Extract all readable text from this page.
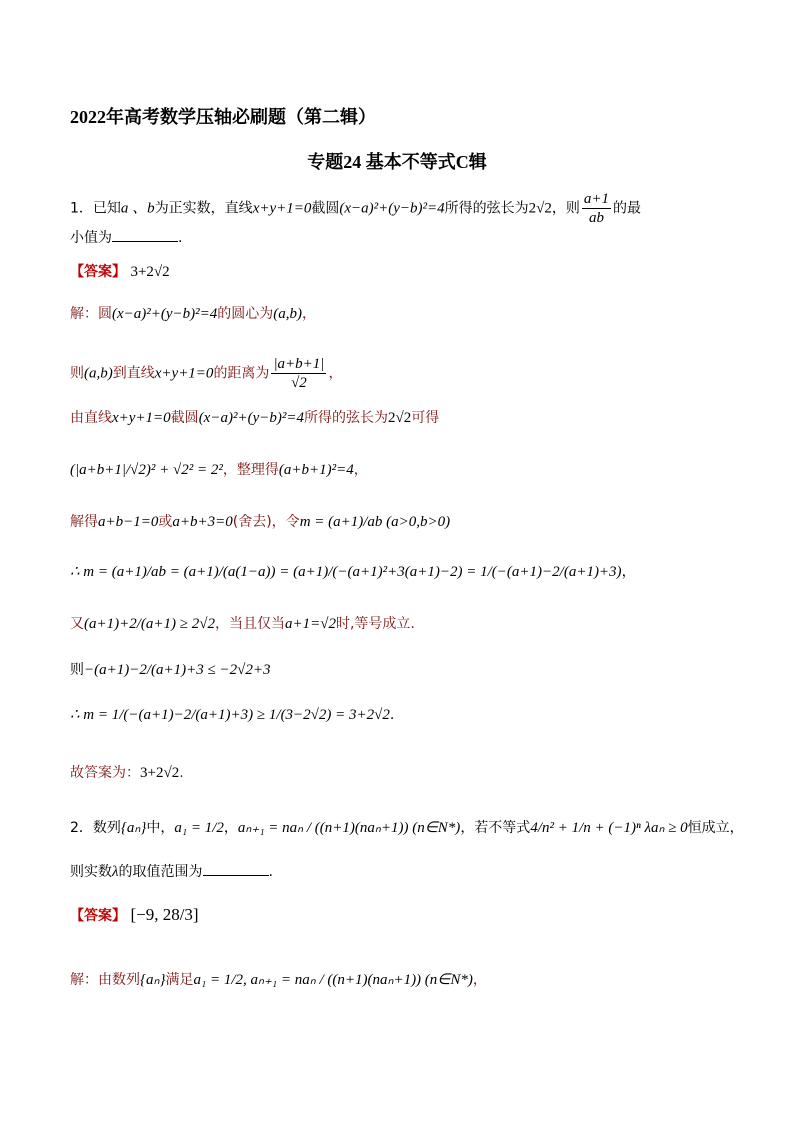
2022年高考数学压轴必刷题（第二辑）
专题24 基本不等式C辑
1．已知a 、b为正实数，直线x+y+1=0截圆(x−a)²+(y−b)²=4所得的弦长为2√2，则 $\frac{a+1}{ab}$ 的最
小值为	.
【答案】 3+2√2
解：圆(x−a)²+(y−b)²=4的圆心为(a,b)，
则(a,b)到直线x+y+1=0的距离为 $\frac{|a+b+1|}{√2}$ ，
由直线x+y+1=0截圆(x−a)²+(y−b)²=4所得的弦长为2√2可得
(|a+b+1|/√2)² + √2² = 2²，整理得(a+b+1)²=4，
解得a+b−1=0或a+b+3=0(舍去)，令m = (a+1)/ab (a>0,b>0)
∴ m = (a+1)/ab = (a+1)/(a(1−a)) = (a+1)/(−(a+1)²+3(a+1)−2) = 1/(−(a+1)−2/(a+1)+3)，
又(a+1)+2/(a+1) ≥ 2√2，当且仅当a+1=√2时,等号成立.
则−(a+1)−2/(a+1)+3 ≤ −2√2+3
∴ m = 1/(−(a+1)−2/(a+1)+3) ≥ 1/(3−2√2) = 3+2√2.
故答案为：3+2√2.
2．数列{aₙ}中，a₁ = 1/2，aₙ₊₁ = naₙ / ((n+1)(naₙ+1)) (n∈N*)，若不等式4/n² + 1/n + (−1)ⁿ λaₙ ≥ 0恒成立，
则实数λ的取值范围为	.
【答案】 [−9, 28/3]
解：由数列{aₙ}满足a₁ = 1/2, aₙ₊₁ = naₙ / ((n+1)(naₙ+1)) (n∈N*)，
